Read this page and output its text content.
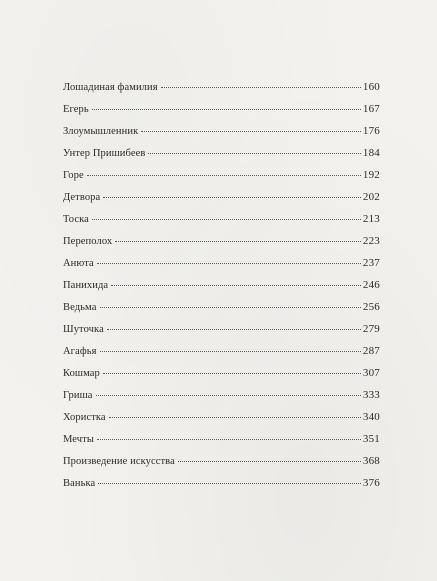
Лошадиная фамилия	160
Егерь	167
Злоумышленник	176
Унтер Пришибеев	184
Горе	192
Детвора	202
Тоска	213
Переполох	223
Анюта	237
Панихида	246
Ведьма	256
Шуточка	279
Агафья	287
Кошмар	307
Гриша	333
Хористка	340
Мечты	351
Произведение искусства	368
Ванька	376
